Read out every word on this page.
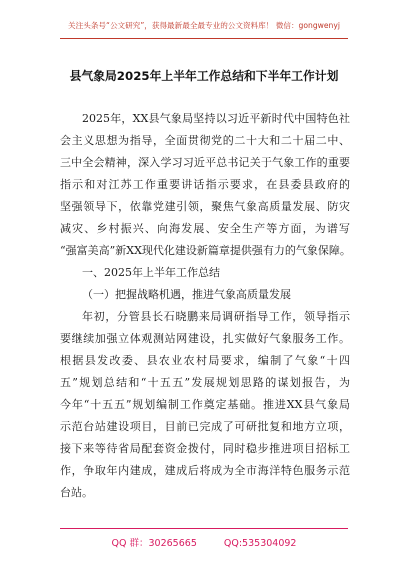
关注头条号“公文研究”，获得最新最全最专业的公文资料库！ 微信：gongwenyj
县气象局2025年上半年工作总结和下半年工作计划
2025年，XX县气象局坚持以习近平新时代中国特色社
会主义思想为指导，全面贯彻党的二十大和二十届二中、
三中全会精神，深入学习习近平总书记关于气象工作的重要
指示和对江苏工作重要讲话指示要求，在县委县政府的
坚强领导下，依靠党建引领，聚焦气象高质量发展、防灾
减灾、乡村振兴、向海发展、安全生产等方面，为谱写
“强富美高”新XX现代化建设新篇章提供强有力的气象保障。
一、2025年上半年工作总结
（一）把握战略机遇，推进气象高质量发展
年初，分管县长石晓鹏来局调研指导工作，领导指示
要继续加强立体观测站网建设，扎实做好气象服务工作。
根据县发改委、县农业农村局要求，编制了气象“十四
五”规划总结和“十五五”发展规划思路的谋划报告，为
今年“十五五”规划编制工作奠定基础。推进XX县气象局
示范台站建设项目，目前已完成了可研批复和地方立项，
接下来等待省局配套资金拨付，同时稳步推进项目招标工
作，争取年内建成，建成后将成为全市海洋特色服务示范
台站。
QQ 群：30265665	QQ:535304092
